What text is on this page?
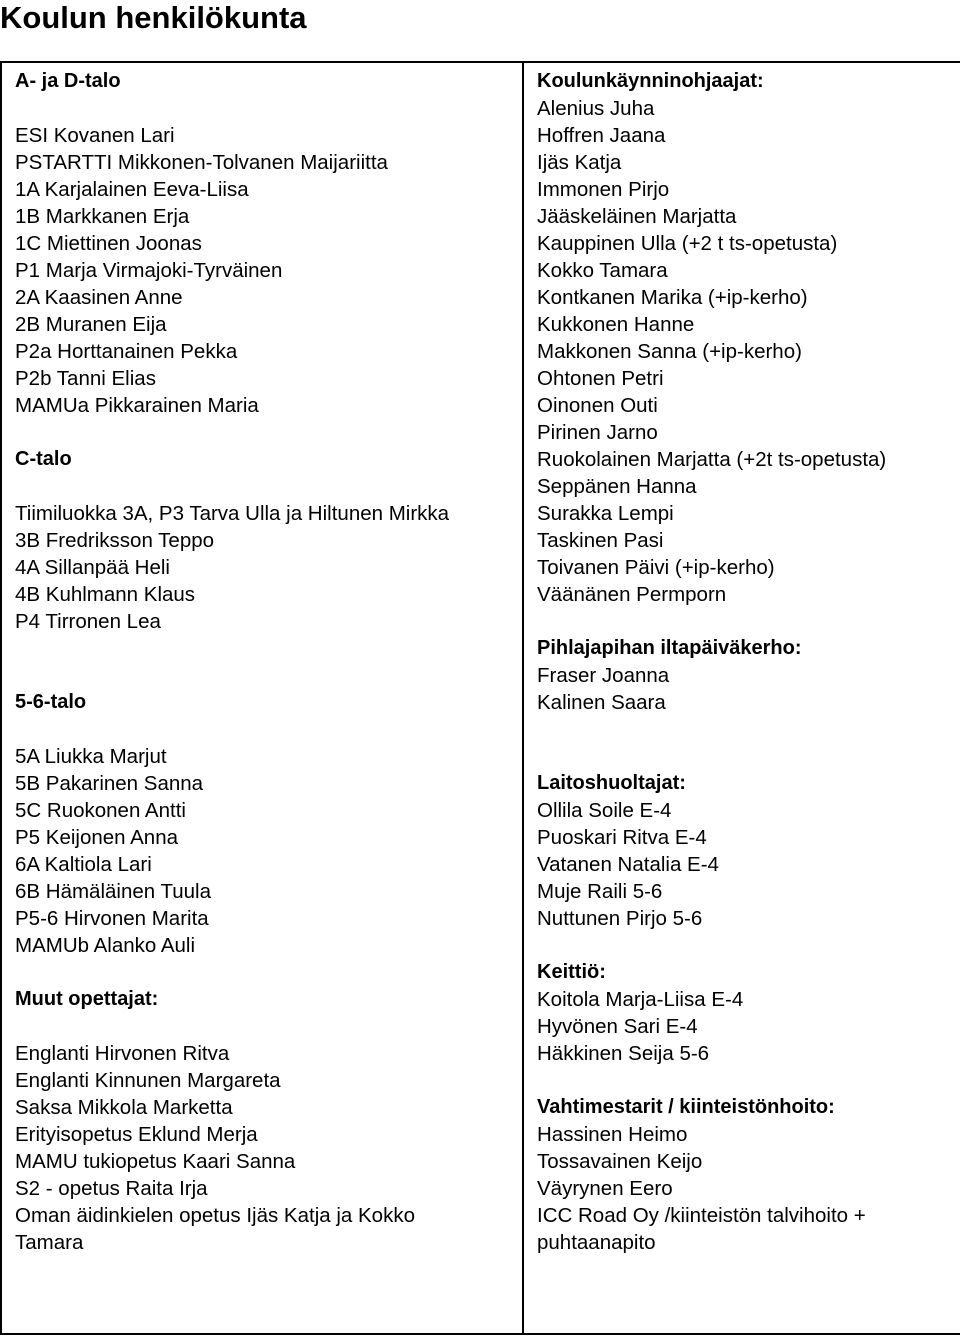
Koulun henkilökunta

A- ja D-talo

ESI Kovanen Lari

PSTARTTI Mikkonen-Tolvanen Maijariitta

1A Karjalainen Eeva-Liisa

1B Markkanen Erja

1C Miettinen Joonas

P1 Marja Virmajoki-Tyrväinen

2A Kaasinen Anne

2B Muranen Eija

P2a Horttanainen Pekka

P2b Tanni Elias

MAMUa Pikkarainen Maria

C-talo

Tiimiluokka 3A, P3 Tarva Ulla ja Hiltunen Mirkka

3B Fredriksson Teppo

4A Sillanpää Heli

4B Kuhlmann Klaus

P4 Tirronen Lea

5-6-talo

5A Liukka Marjut

5B Pakarinen Sanna

5C Ruokonen Antti

P5 Keijonen Anna

6A Kaltiola Lari

6B Hämäläinen Tuula

P5-6 Hirvonen Marita

MAMUb Alanko Auli

Muut opettajat:

Englanti Hirvonen Ritva

Englanti Kinnunen Margareta

Saksa Mikkola Marketta

Erityisopetus Eklund Merja

MAMU tukiopetus Kaari Sanna

S2 - opetus Raita Irja

Oman äidinkielen opetus Ijäs Katja ja Kokko Tamara

Koulunkäynninohjaajat:

Alenius Juha

Hoffren Jaana

Ijäs Katja

Immonen Pirjo

Jääskeläinen Marjatta

Kauppinen Ulla (+2 t ts-opetusta)

Kokko Tamara

Kontkanen Marika (+ip-kerho)

Kukkonen Hanne

Makkonen Sanna (+ip-kerho)

Ohtonen Petri

Oinonen Outi

Pirinen Jarno

Ruokolainen Marjatta (+2t ts-opetusta)

Seppänen Hanna

Surakka Lempi

Taskinen Pasi

Toivanen Päivi (+ip-kerho)

Väänänen Permporn

Pihlajapihan iltapäiväkerho:

Fraser Joanna

Kalinen Saara

Laitoshuoltajat:

Ollila Soile E-4

Puoskari Ritva E-4

Vatanen Natalia E-4

Muje Raili 5-6

Nuttunen Pirjo 5-6

Keittiö:

Koitola Marja-Liisa E-4

Hyvönen Sari E-4

Häkkinen Seija 5-6

Vahtimestarit / kiinteistönhoito:

Hassinen Heimo

Tossavainen Keijo

Väyrynen Eero

ICC Road Oy /kiinteistön talvihoito + puhtaanapito
